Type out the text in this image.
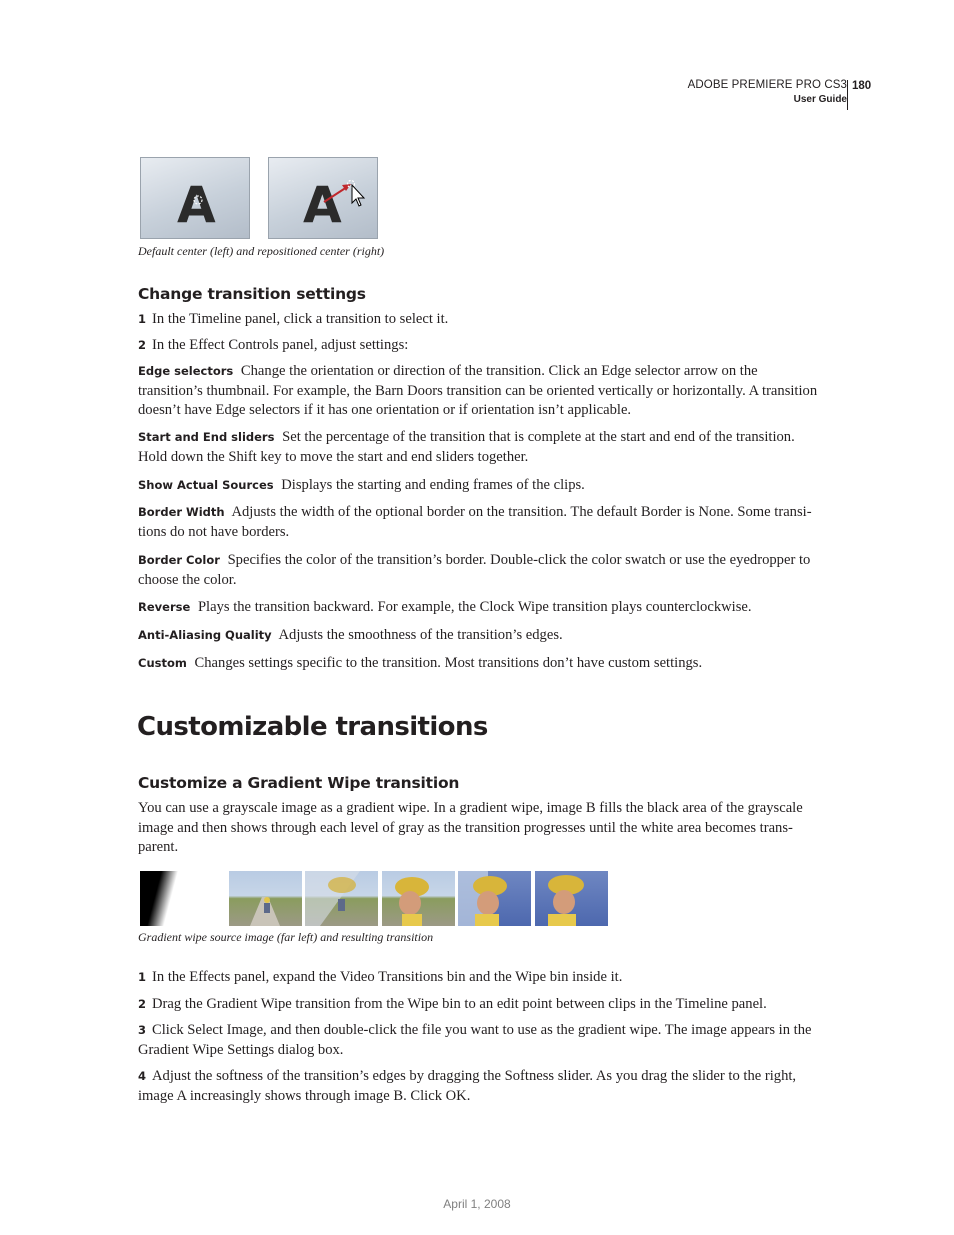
ADOBE PREMIERE PRO CS3
User Guide
180
A A
Default center (left) and repositioned center (right)
Change transition settings
1 In the Timeline panel, click a transition to select it.
2 In the Effect Controls panel, adjust settings:
Edge selectors Change the orientation or direction of the transition. Click an Edge selector arrow on the transition’s thumbnail. For example, the Barn Doors transition can be oriented vertically or horizontally. A transition doesn’t have Edge selectors if it has one orientation or if orientation isn’t applicable.
Start and End sliders Set the percentage of the transition that is complete at the start and end of the transition. Hold down the Shift key to move the start and end sliders together.
Show Actual Sources Displays the starting and ending frames of the clips.
Border Width Adjusts the width of the optional border on the transition. The default Border is None. Some transi-tions do not have borders.
Border Color Specifies the color of the transition’s border. Double-click the color swatch or use the eyedropper to choose the color.
Reverse Plays the transition backward. For example, the Clock Wipe transition plays counterclockwise.
Anti-Aliasing Quality Adjusts the smoothness of the transition’s edges.
Custom Changes settings specific to the transition. Most transitions don’t have custom settings.
Customizable transitions
Customize a Gradient Wipe transition
You can use a grayscale image as a gradient wipe. In a gradient wipe, image B fills the black area of the grayscale image and then shows through each level of gray as the transition progresses until the white area becomes trans-parent.
Gradient wipe source image (far left) and resulting transition
1 In the Effects panel, expand the Video Transitions bin and the Wipe bin inside it.
2 Drag the Gradient Wipe transition from the Wipe bin to an edit point between clips in the Timeline panel.
3 Click Select Image, and then double-click the file you want to use as the gradient wipe. The image appears in the Gradient Wipe Settings dialog box.
4 Adjust the softness of the transition’s edges by dragging the Softness slider. As you drag the slider to the right, image A increasingly shows through image B. Click OK.
April 1, 2008
